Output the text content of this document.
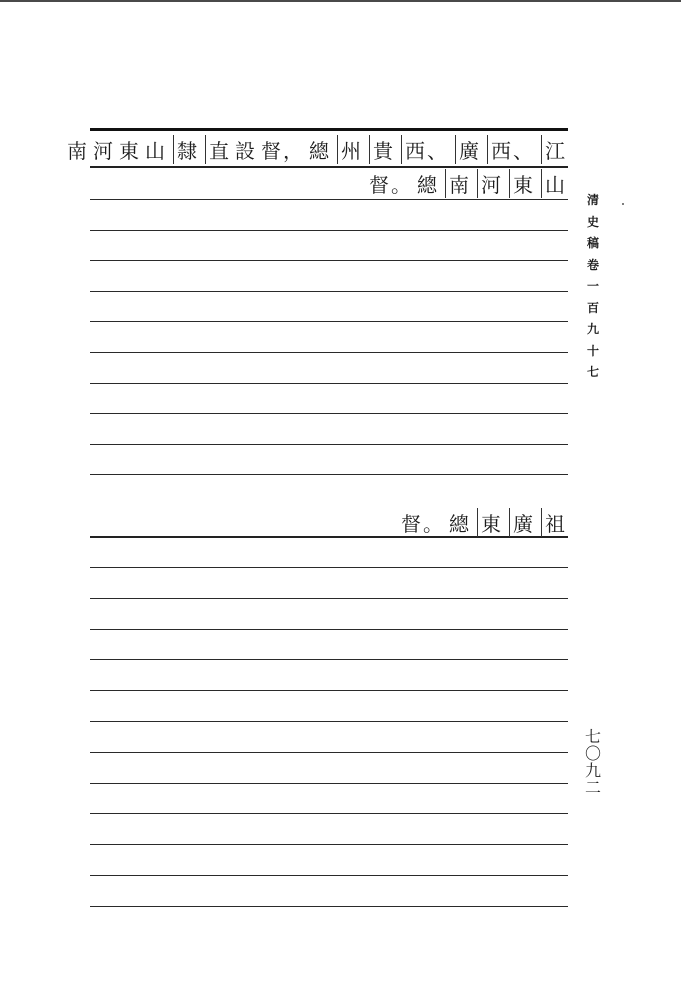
南 河 東 山 隸 直 設 督， 總 州 貴 西、 廣 西、 江
督。 總 南 河 東 山
督。 總 東 廣 祖
清史稿卷一百九十七
七〇九二
